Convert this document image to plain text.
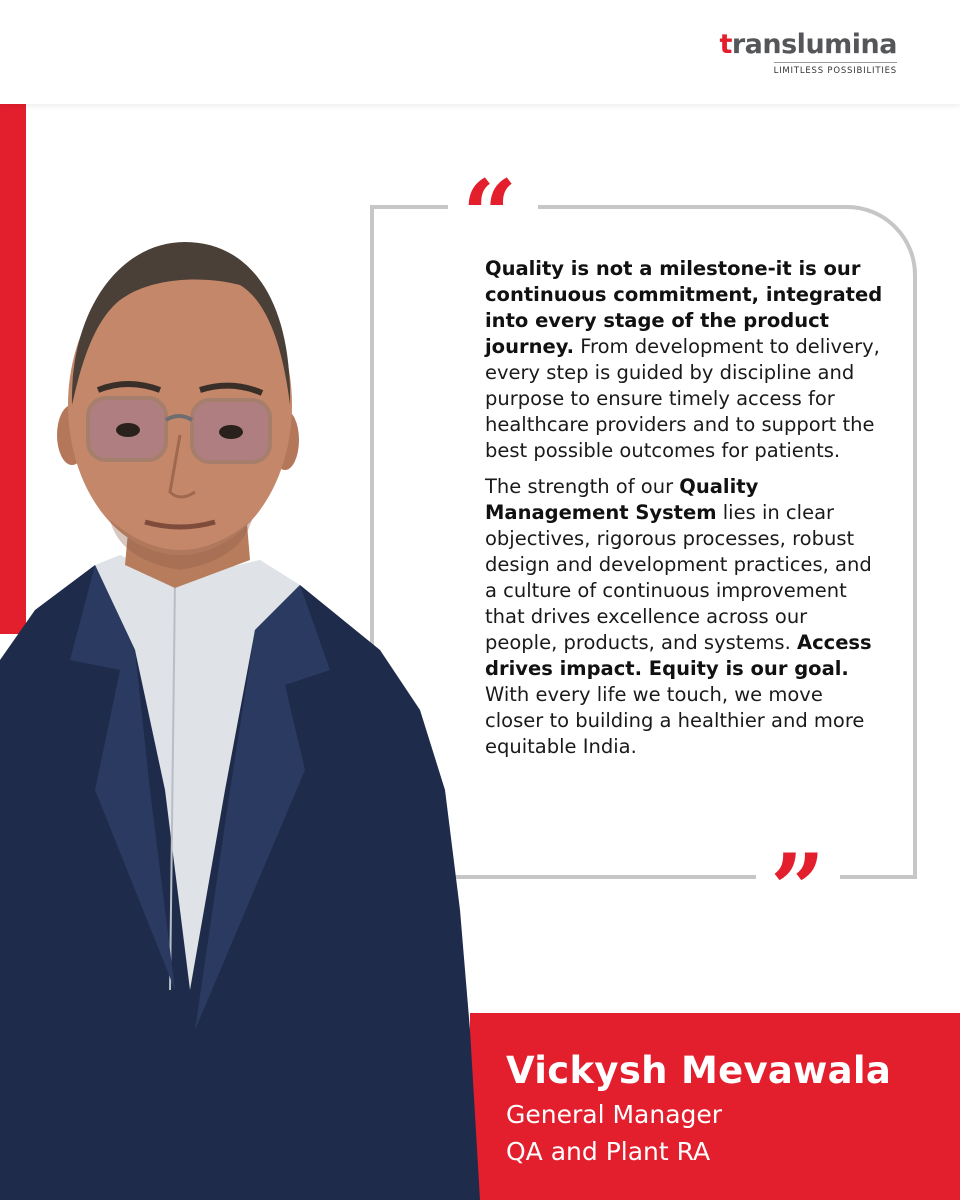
translumina
LIMITLESS POSSIBILITIES
“
”

Quality is not a milestone-it is our continuous commitment, integrated into every stage of the product journey. From development to delivery, every step is guided by discipline and purpose to ensure timely access for healthcare providers and to support the best possible outcomes for patients.

The strength of our Quality Management System lies in clear objectives, rigorous processes, robust design and development practices, and a culture of continuous improvement that drives excellence across our people, products, and systems. Access drives impact. Equity is our goal. With every life we touch, we move closer to building a healthier and more equitable India.

Vickysh Mevawala
General Manager
QA and Plant RA
